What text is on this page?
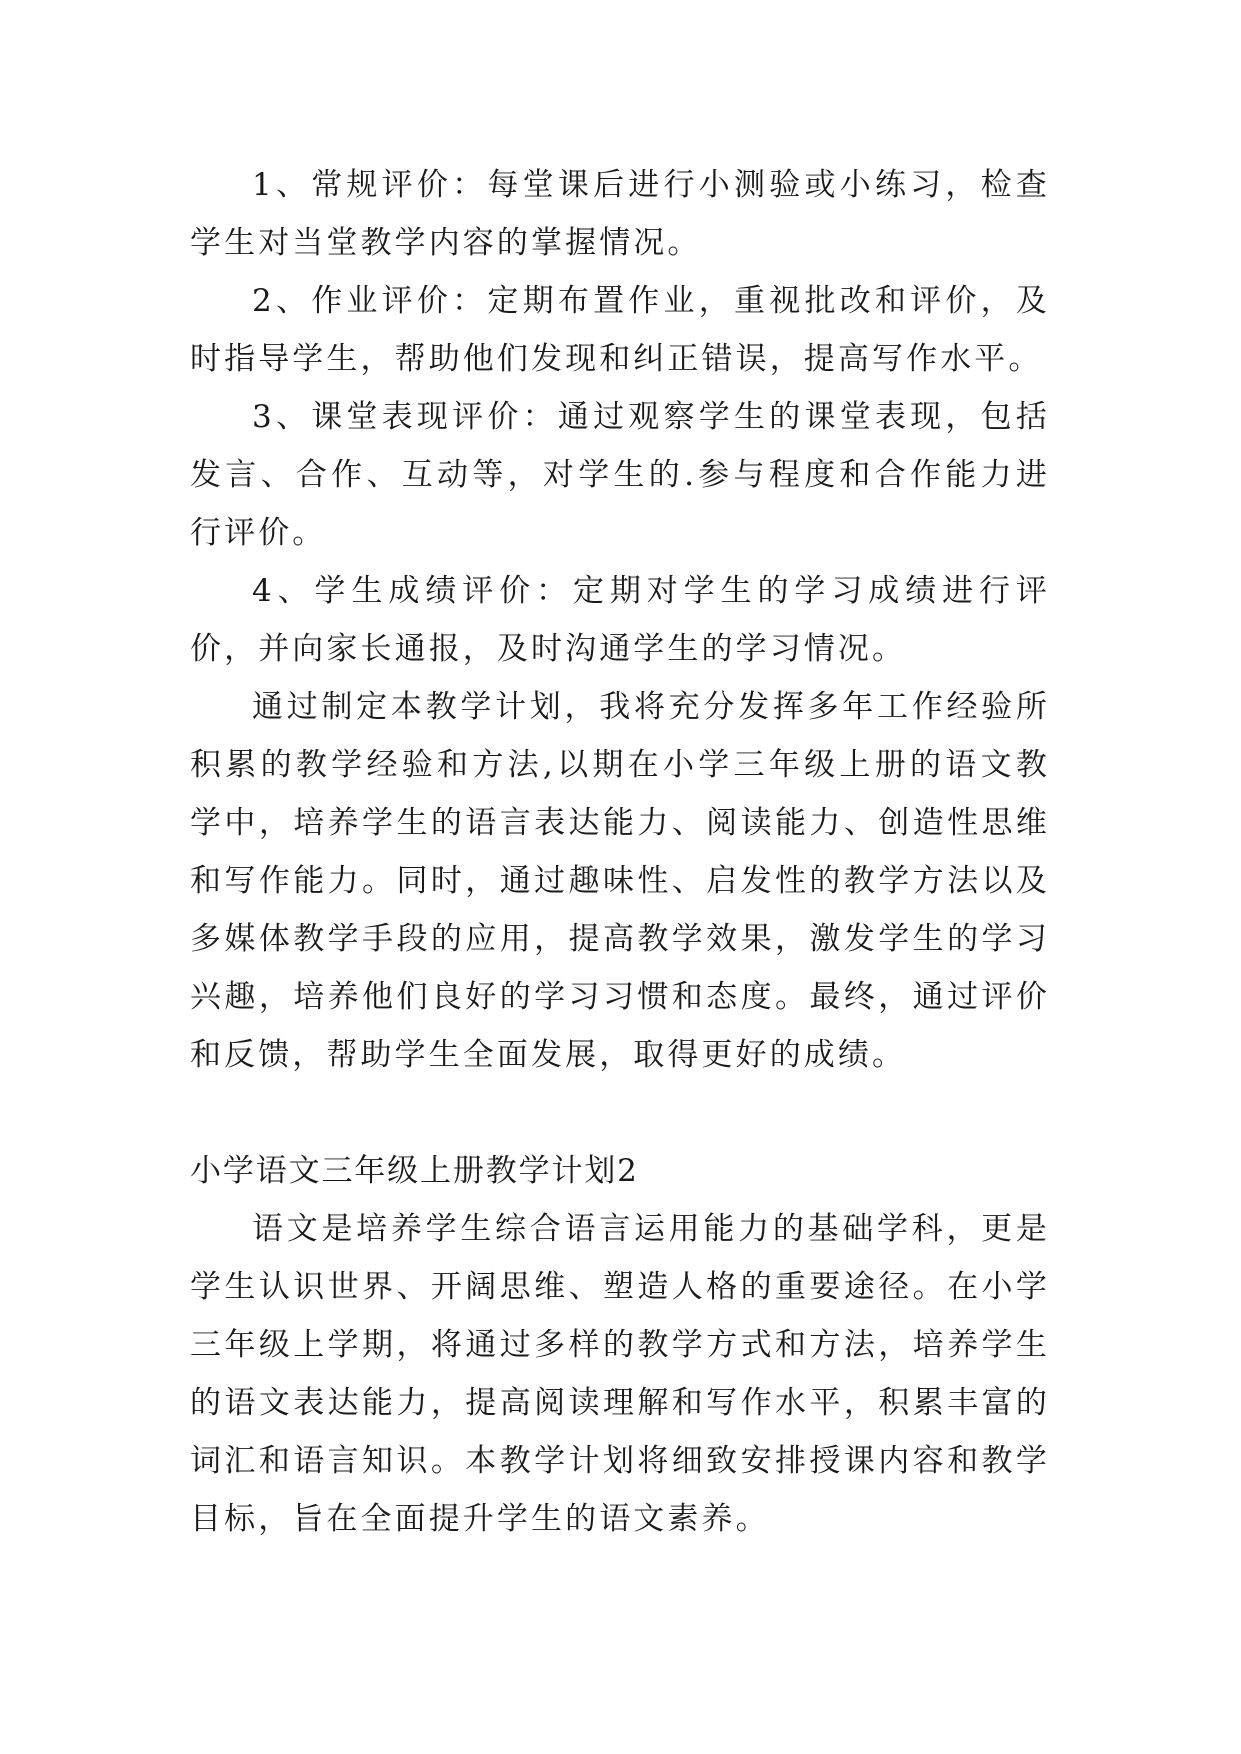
1、常规评价：每堂课后进行小测验或小练习，检查学生对当堂教学内容的掌握情况。

2、作业评价：定期布置作业，重视批改和评价，及时指导学生，帮助他们发现和纠正错误，提高写作水平。

3、课堂表现评价：通过观察学生的课堂表现，包括发言、合作、互动等，对学生的.参与程度和合作能力进行评价。

4、学生成绩评价：定期对学生的学习成绩进行评价，并向家长通报，及时沟通学生的学习情况。

通过制定本教学计划，我将充分发挥多年工作经验所积累的教学经验和方法,以期在小学三年级上册的语文教学中，培养学生的语言表达能力、阅读能力、创造性思维和写作能力。同时，通过趣味性、启发性的教学方法以及多媒体教学手段的应用，提高教学效果，激发学生的学习兴趣，培养他们良好的学习习惯和态度。最终，通过评价和反馈，帮助学生全面发展，取得更好的成绩。

小学语文三年级上册教学计划2

语文是培养学生综合语言运用能力的基础学科，更是学生认识世界、开阔思维、塑造人格的重要途径。在小学三年级上学期，将通过多样的教学方式和方法，培养学生的语文表达能力，提高阅读理解和写作水平，积累丰富的词汇和语言知识。本教学计划将细致安排授课内容和教学目标，旨在全面提升学生的语文素养。
